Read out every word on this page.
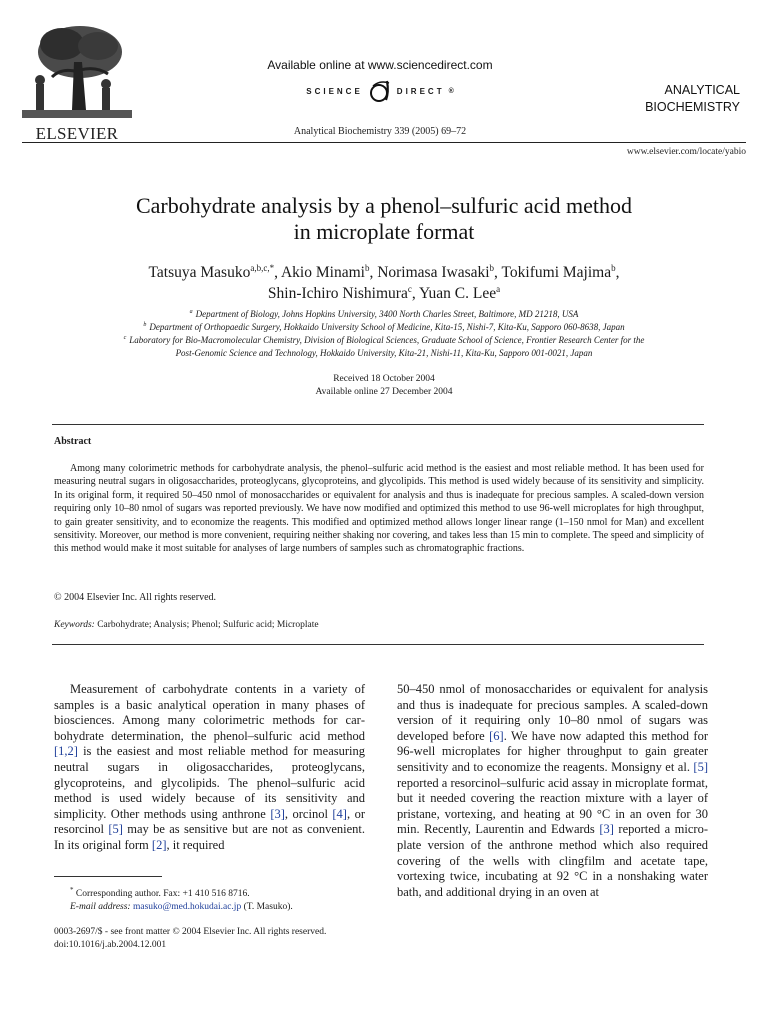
ELSEVIER
Available online at www.sciencedirect.com
SCIENCE	DIRECT ®
Analytical Biochemistry 339 (2005) 69–72
ANALYTICAL
BIOCHEMISTRY
www.elsevier.com/locate/yabio
Carbohydrate analysis by a phenol–sulfuric acid method
in microplate format
Tatsuya Masuko$^{a,b,c,*}$, Akio Minami$^b$, Norimasa Iwasaki$^b$, Tokifumi Majima$^b$,
Shin-Ichiro Nishimura$^c$, Yuan C. Lee$^a$
$^a$ Department of Biology, Johns Hopkins University, 3400 North Charles Street, Baltimore, MD 21218, USA
$^b$ Department of Orthopaedic Surgery, Hokkaido University School of Medicine, Kita-15, Nishi-7, Kita-Ku, Sapporo 060-8638, Japan
$^c$ Laboratory for Bio-Macromolecular Chemistry, Division of Biological Sciences, Graduate School of Science, Frontier Research Center for the
Post-Genomic Science and Technology, Hokkaido University, Kita-21, Nishi-11, Kita-Ku, Sapporo 001-0021, Japan
Received 18 October 2004
Available online 27 December 2004
Abstract
Among many colorimetric methods for carbohydrate analysis, the phenol–sulfuric acid method is the easiest and most reliable method. It has been used for measuring neutral sugars in oligosaccharides, proteoglycans, glycoproteins, and glycolipids. This method is used widely because of its sensitivity and simplicity. In its original form, it required 50–450 nmol of monosaccharides or equivalent for analysis and thus is inadequate for precious samples. A scaled-down version requiring only 10–80 nmol of sugars was reported previously. We have now modified and optimized this method to use 96-well microplates for high throughput, to gain greater sensitivity, and to economize the reagents. This modified and optimized method allows longer linear range (1–150 nmol for Man) and excellent sensitivity. Moreover, our method is more convenient, requiring neither shaking nor covering, and takes less than 15 min to complete. The speed and simplicity of this method would make it most suitable for analyses of large numbers of samples such as chromatographic fractions.
© 2004 Elsevier Inc. All rights reserved.
Keywords: Carbohydrate; Analysis; Phenol; Sulfuric acid; Microplate
Measurement of carbohydrate contents in a variety of samples is a basic analytical operation in many phases of biosciences. Among many colorimetric methods for carbohydrate determination, the phenol–sulfuric acid method [1,2] is the easiest and most reliable method for measuring neutral sugars in oligosaccharides, proteoglycans, glycoproteins, and glycolipids. The phenol–sulfuric acid method is used widely because of its sensitivity and simplicity. Other methods using anthrone [3], orcinol [4], or resorcinol [5] may be as sensitive but are not as convenient. In its original form [2], it required
50–450 nmol of monosaccharides or equivalent for analysis and thus is inadequate for precious samples. A scaled-down version of it requiring only 10–80 nmol of sugars was developed before [6]. We have now adapted this method for 96-well microplates for higher throughput to gain greater sensitivity and to economize the reagents. Monsigny et al. [5] reported a resorcinol–sulfuric acid assay in microplate format, but it needed covering the reaction mixture with a layer of pristane, vortexing, and heating at 90 °C in an oven for 30 min. Recently, Laurentin and Edwards [3] reported a microplate version of the anthrone method which also required covering of the wells with clingfilm and acetate tape, vortexing twice, incubating at 92 °C in a nonshaking water bath, and additional drying in an oven at
* Corresponding author. Fax: +1 410 516 8716.
E-mail address: masuko@med.hokudai.ac.jp (T. Masuko).
0003-2697/$ - see front matter © 2004 Elsevier Inc. All rights reserved.
doi:10.1016/j.ab.2004.12.001
